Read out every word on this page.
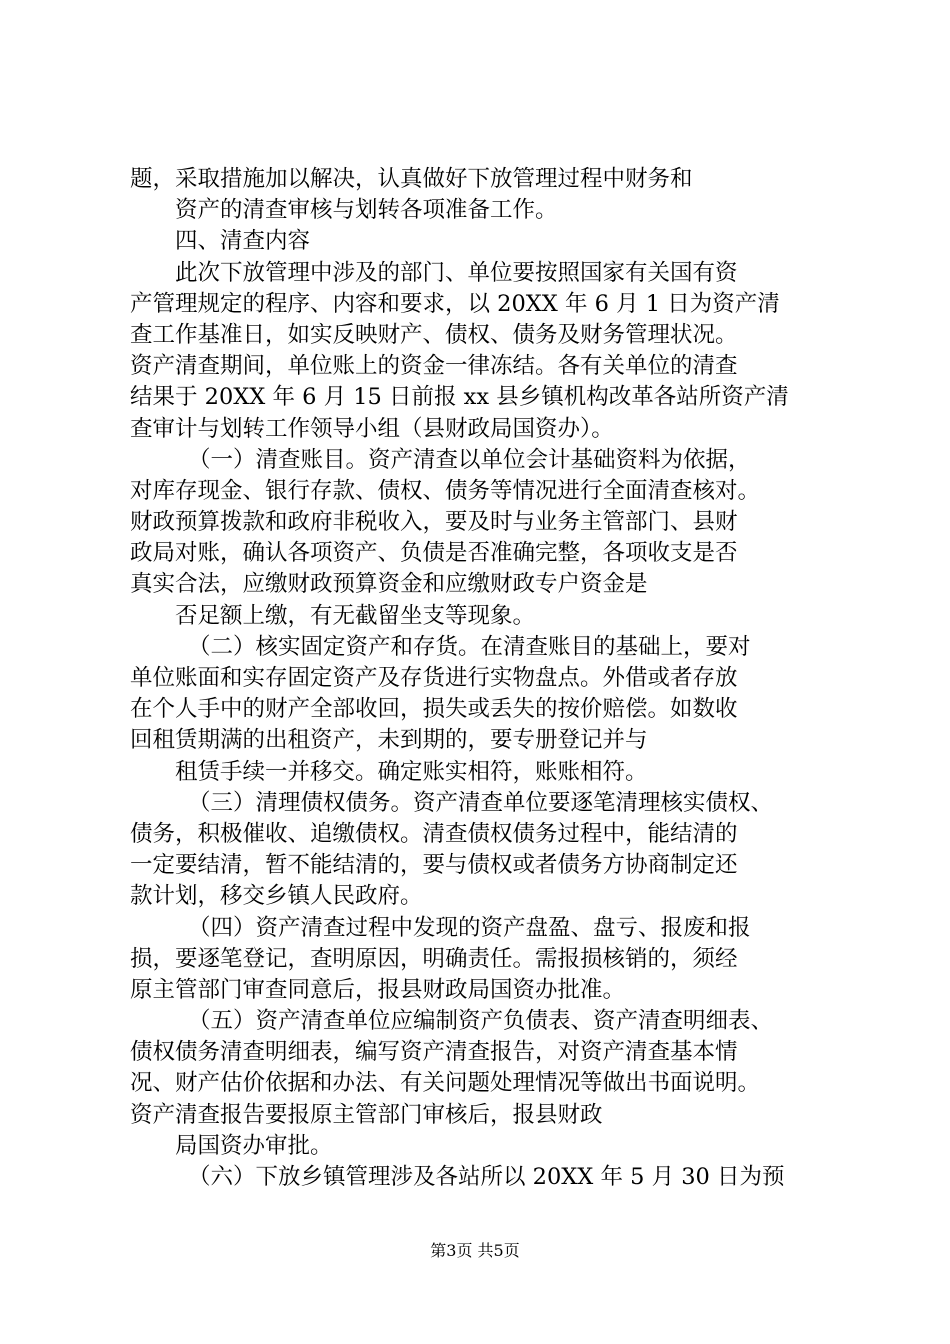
题，采取措施加以解决，认真做好下放管理过程中财务和
资产的清查审核与划转各项准备工作。
四、清查内容
此次下放管理中涉及的部门、单位要按照国家有关国有资
产管理规定的程序、内容和要求，以 20XX 年 6 月 1 日为资产清
查工作基准日，如实反映财产、债权、债务及财务管理状况。
资产清查期间，单位账上的资金一律冻结。各有关单位的清查
结果于 20XX 年 6 月 15 日前报 xx 县乡镇机构改革各站所资产清
查审计与划转工作领导小组（县财政局国资办）。
（一）清查账目。资产清查以单位会计基础资料为依据，
对库存现金、银行存款、债权、债务等情况进行全面清查核对。
财政预算拨款和政府非税收入，要及时与业务主管部门、县财
政局对账，确认各项资产、负债是否准确完整，各项收支是否
真实合法，应缴财政预算资金和应缴财政专户资金是
否足额上缴，有无截留坐支等现象。
（二）核实固定资产和存货。在清查账目的基础上，要对
单位账面和实存固定资产及存货进行实物盘点。外借或者存放
在个人手中的财产全部收回，损失或丢失的按价赔偿。如数收
回租赁期满的出租资产，未到期的，要专册登记并与
租赁手续一并移交。确定账实相符，账账相符。
（三）清理债权债务。资产清查单位要逐笔清理核实债权、
债务，积极催收、追缴债权。清查债权债务过程中，能结清的
一定要结清，暂不能结清的，要与债权或者债务方协商制定还
款计划，移交乡镇人民政府。
（四）资产清查过程中发现的资产盘盈、盘亏、报废和报
损，要逐笔登记，查明原因，明确责任。需报损核销的，须经
原主管部门审查同意后，报县财政局国资办批准。
（五）资产清查单位应编制资产负债表、资产清查明细表、
债权债务清查明细表，编写资产清查报告，对资产清查基本情
况、财产估价依据和办法、有关问题处理情况等做出书面说明。
资产清查报告要报原主管部门审核后，报县财政
局国资办审批。
（六）下放乡镇管理涉及各站所以 20XX 年 5 月 30 日为预
第3页 共5页
